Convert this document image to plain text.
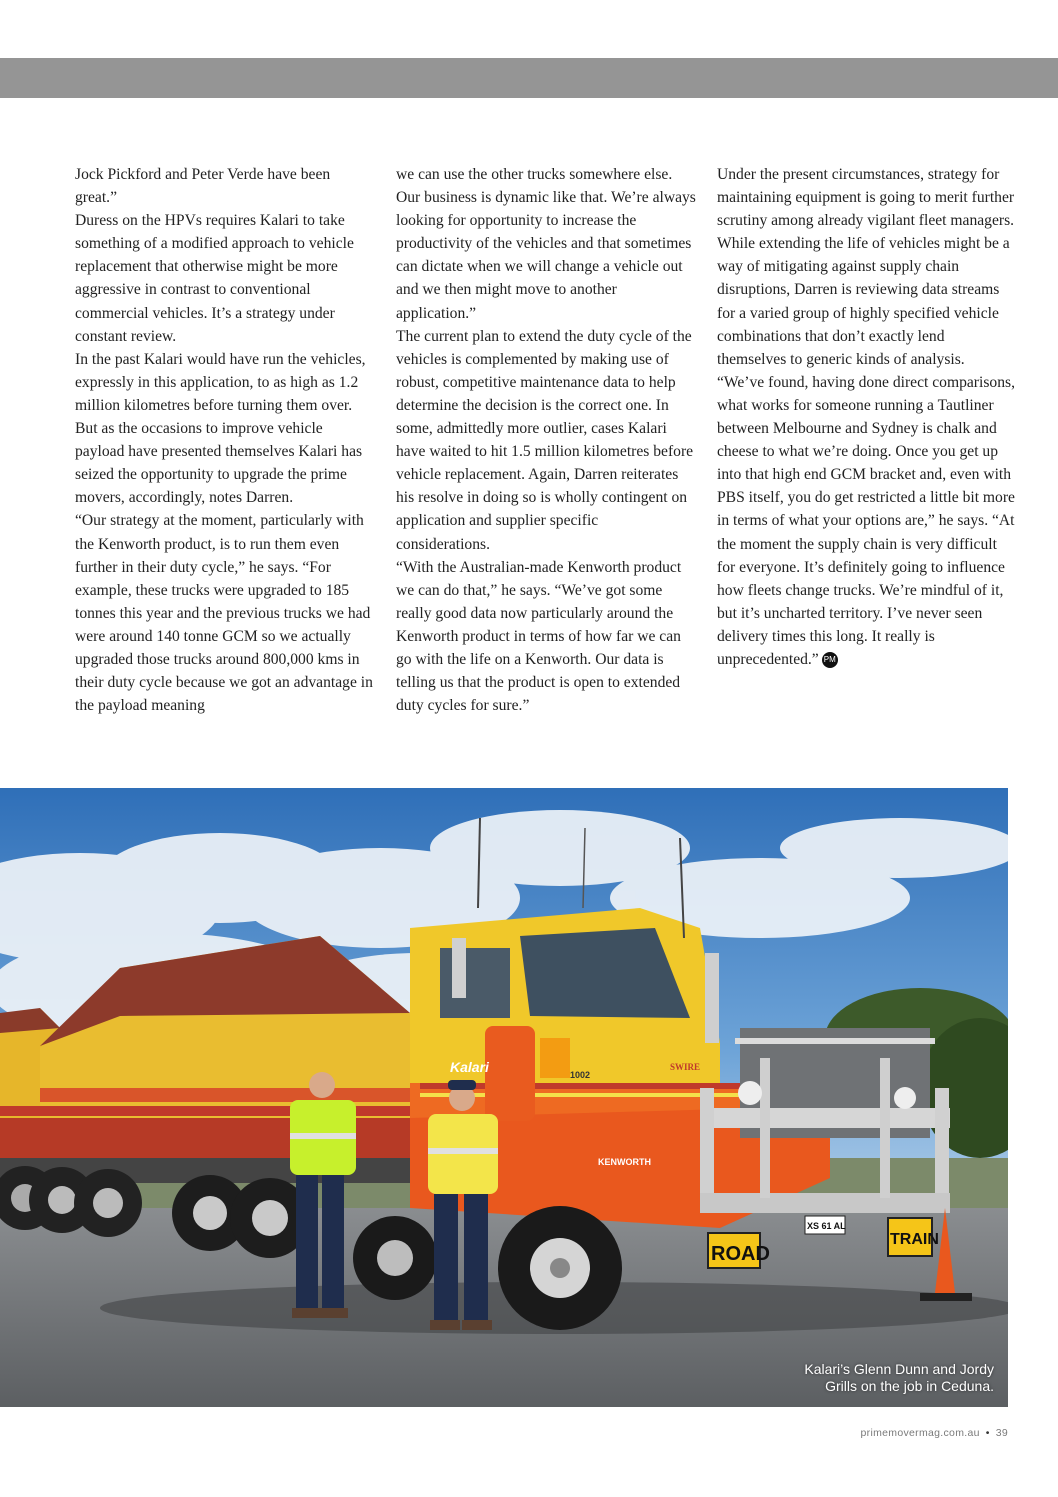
Jock Pickford and Peter Verde have been great.”

Duress on the HPVs requires Kalari to take something of a modified approach to vehicle replacement that otherwise might be more aggressive in contrast to conventional commercial vehicles. It’s a strategy under constant review.

In the past Kalari would have run the vehicles, expressly in this application, to as high as 1.2 million kilometres before turning them over. But as the occasions to improve vehicle payload have presented themselves Kalari has seized the opportunity to upgrade the prime movers, accordingly, notes Darren.

“Our strategy at the moment, particularly with the Kenworth product, is to run them even further in their duty cycle,” he says. “For example, these trucks were upgraded to 185 tonnes this year and the previous trucks we had were around 140 tonne GCM so we actually upgraded those trucks around 800,000 kms in their duty cycle because we got an advantage in the payload meaning

we can use the other trucks somewhere else. Our business is dynamic like that. We’re always looking for opportunity to increase the productivity of the vehicles and that sometimes can dictate when we will change a vehicle out and we then might move to another application.”

The current plan to extend the duty cycle of the vehicles is complemented by making use of robust, competitive maintenance data to help determine the decision is the correct one. In some, admittedly more outlier, cases Kalari have waited to hit 1.5 million kilometres before vehicle replacement. Again, Darren reiterates his resolve in doing so is wholly contingent on application and supplier specific considerations.

“With the Australian-made Kenworth product we can do that,” he says. “We’ve got some really good data now particularly around the Kenworth product in terms of how far we can go with the life on a Kenworth. Our data is telling us that the product is open to extended duty cycles for sure.”

Under the present circumstances, strategy for maintaining equipment is going to merit further scrutiny among already vigilant fleet managers. While extending the life of vehicles might be a way of mitigating against supply chain disruptions, Darren is reviewing data streams for a varied group of highly specified vehicle combinations that don’t exactly lend themselves to generic kinds of analysis.

“We’ve found, having done direct comparisons, what works for someone running a Tautliner between Melbourne and Sydney is chalk and cheese to what we’re doing. Once you get up into that high end GCM bracket and, even with PBS itself, you do get restricted a little bit more in terms of what your options are,” he says. “At the moment the supply chain is very difficult for everyone. It’s definitely going to influence how fleets change trucks. We’re mindful of it, but it’s uncharted territory. I’ve never seen delivery times this long. It really is unprecedented.” PM

Kalari	1002
KENWORTH
SWIRE
ROAD
TRAIN
XS 61 AL
Kalari’s Glenn Dunn and Jordy
Grills on the job in Ceduna.
primemovermag.com.au • 39
